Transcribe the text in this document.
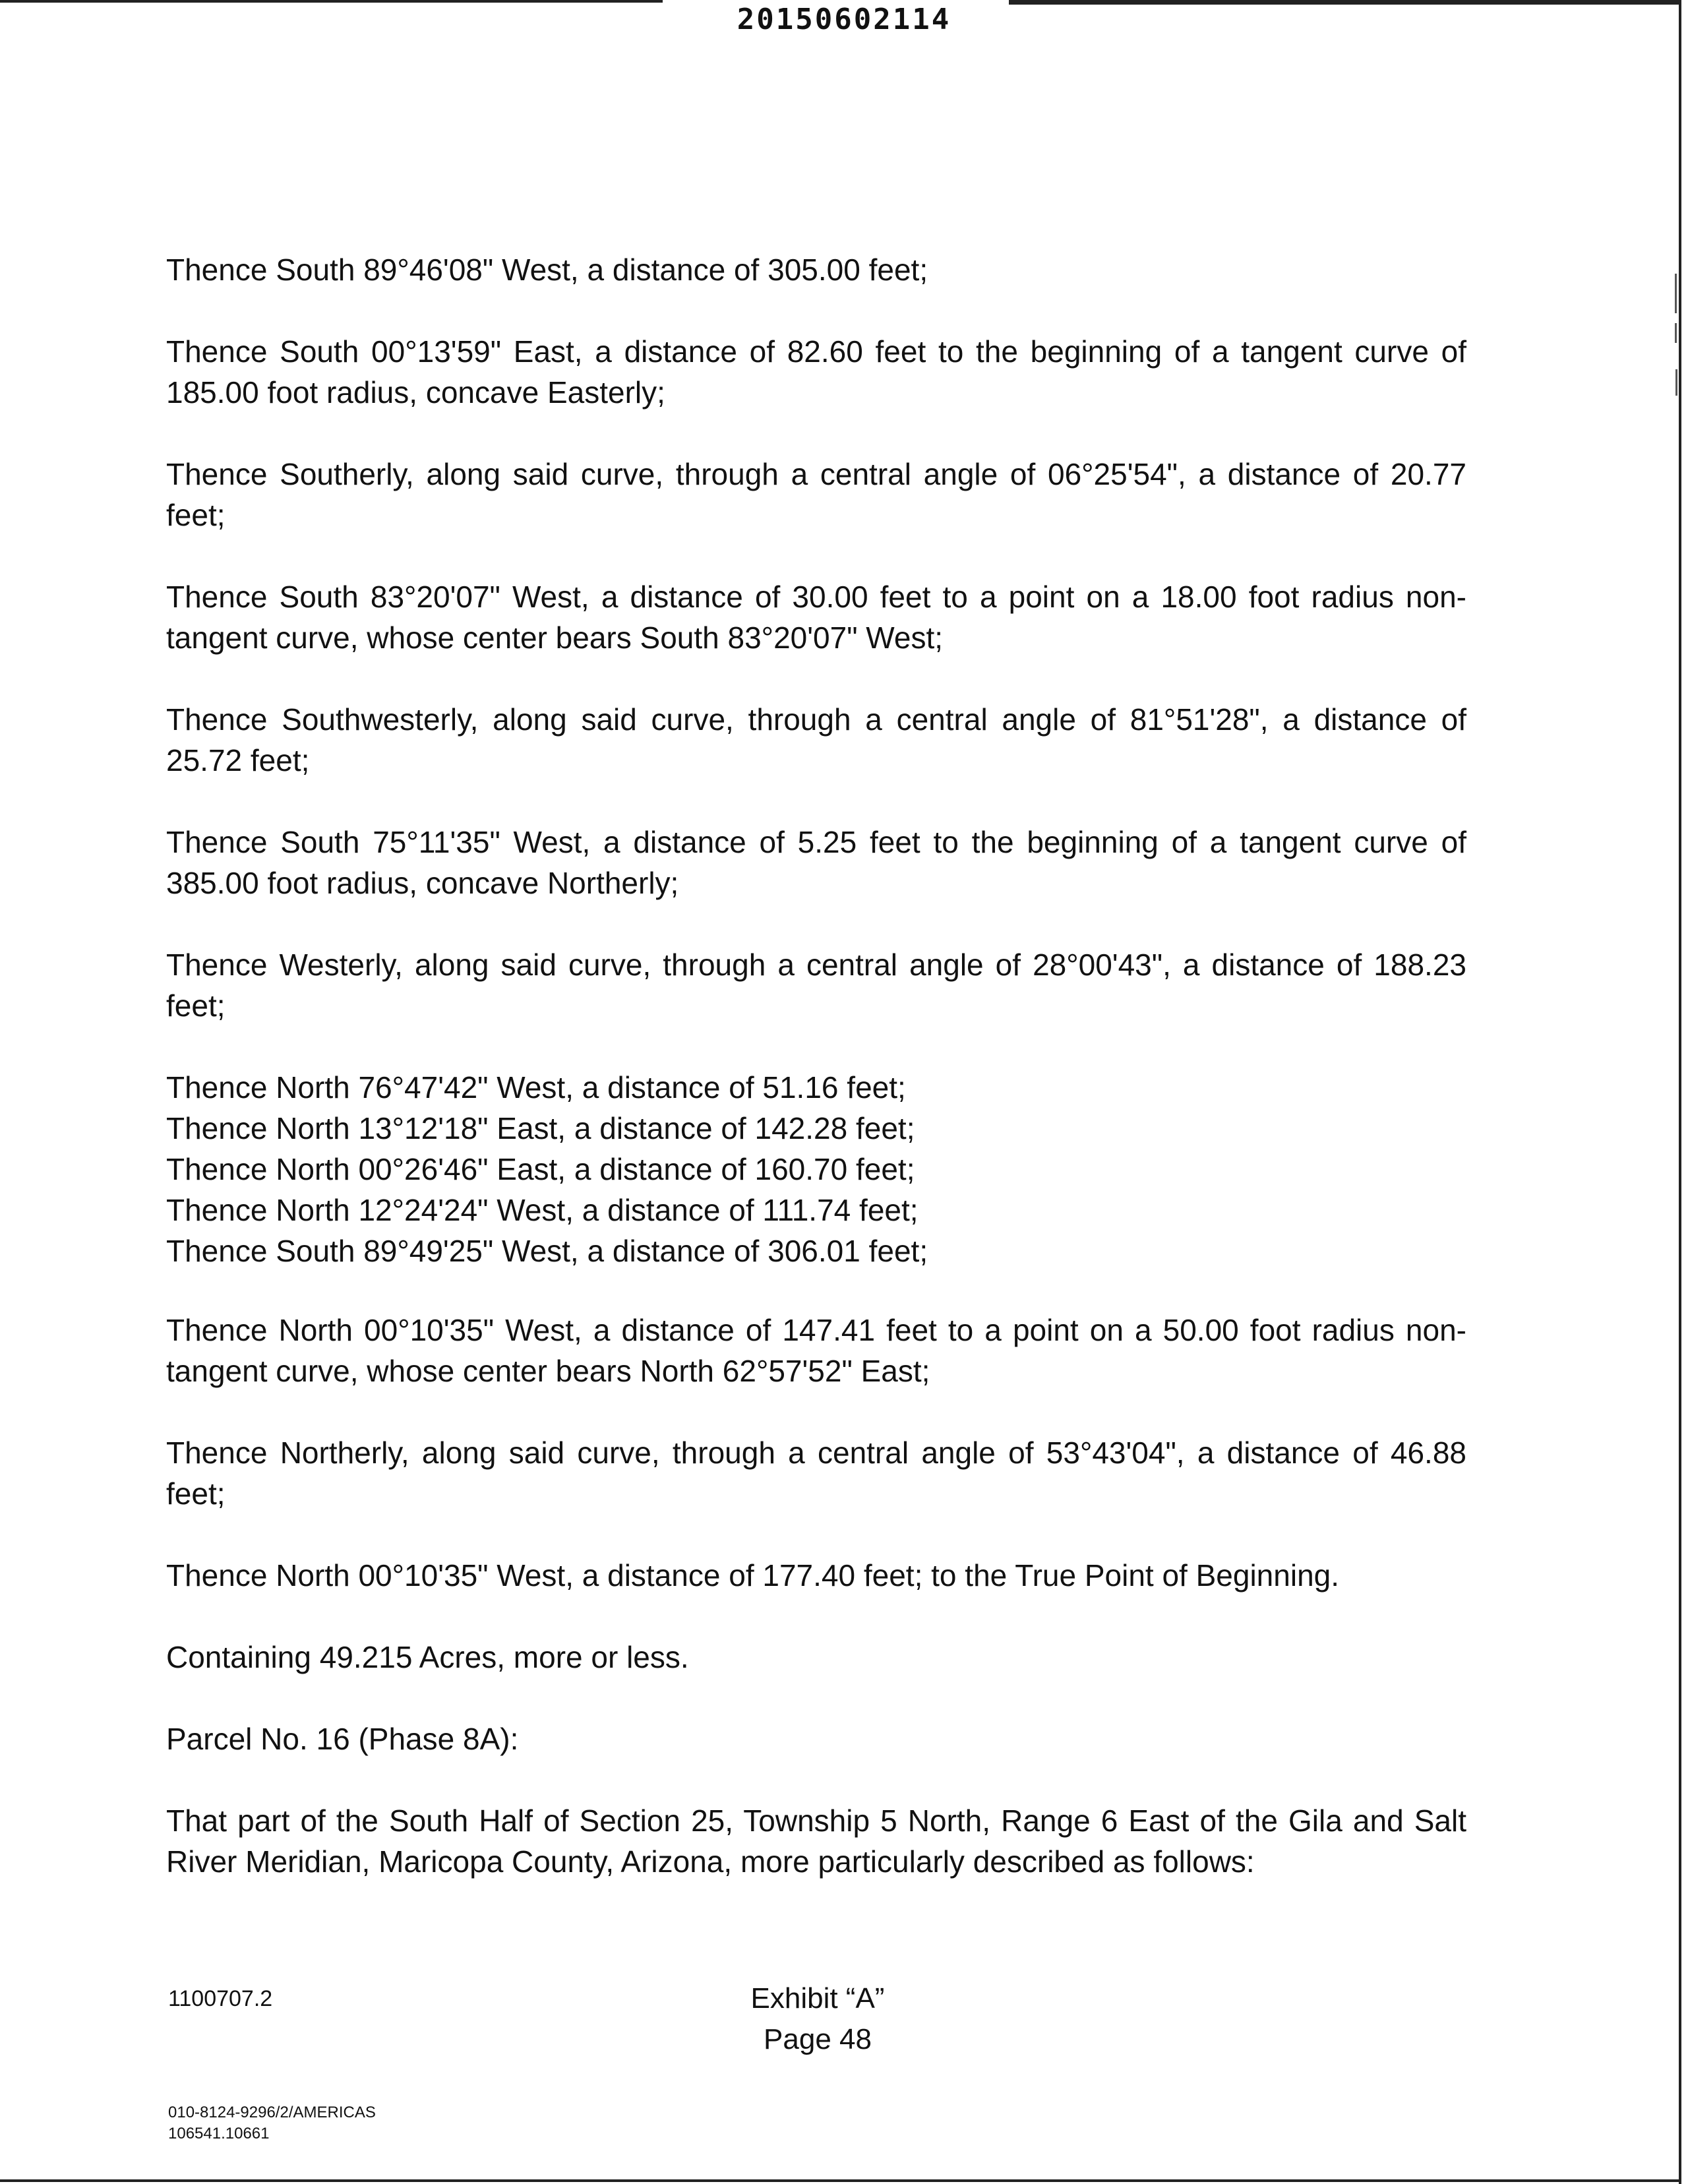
20150602114

Thence South 89°46'08" West, a distance of 305.00 feet;

Thence South 00°13'59" East, a distance of 82.60 feet to the beginning of a tangent curve of 185.00 foot radius, concave Easterly;

Thence Southerly, along said curve, through a central angle of 06°25'54", a distance of 20.77 feet;

Thence South 83°20'07" West, a distance of 30.00 feet to a point on a 18.00 foot radius non-tangent curve, whose center bears South 83°20'07" West;

Thence Southwesterly, along said curve, through a central angle of 81°51'28", a distance of 25.72 feet;

Thence South 75°11'35" West, a distance of 5.25 feet to the beginning of a tangent curve of 385.00 foot radius, concave Northerly;

Thence Westerly, along said curve, through a central angle of 28°00'43", a distance of 188.23 feet;

Thence North 76°47'42" West, a distance of 51.16 feet;

Thence North 13°12'18" East, a distance of 142.28 feet;

Thence North 00°26'46" East, a distance of 160.70 feet;

Thence North 12°24'24" West, a distance of 111.74 feet;

Thence South 89°49'25" West, a distance of 306.01 feet;

Thence North 00°10'35" West, a distance of 147.41 feet to a point on a 50.00 foot radius non-tangent curve, whose center bears North 62°57'52" East;

Thence Northerly, along said curve, through a central angle of 53°43'04", a distance of 46.88 feet;

Thence North 00°10'35" West, a distance of 177.40 feet; to the True Point of Beginning.

Containing 49.215 Acres, more or less.

Parcel No. 16 (Phase 8A):

That part of the South Half of Section 25, Township 5 North, Range 6 East of the Gila and Salt River Meridian, Maricopa County, Arizona, more particularly described as follows:

1100707.2	Exhibit “A”
Page 48
010-8124-9296/2/AMERICAS
106541.10661
